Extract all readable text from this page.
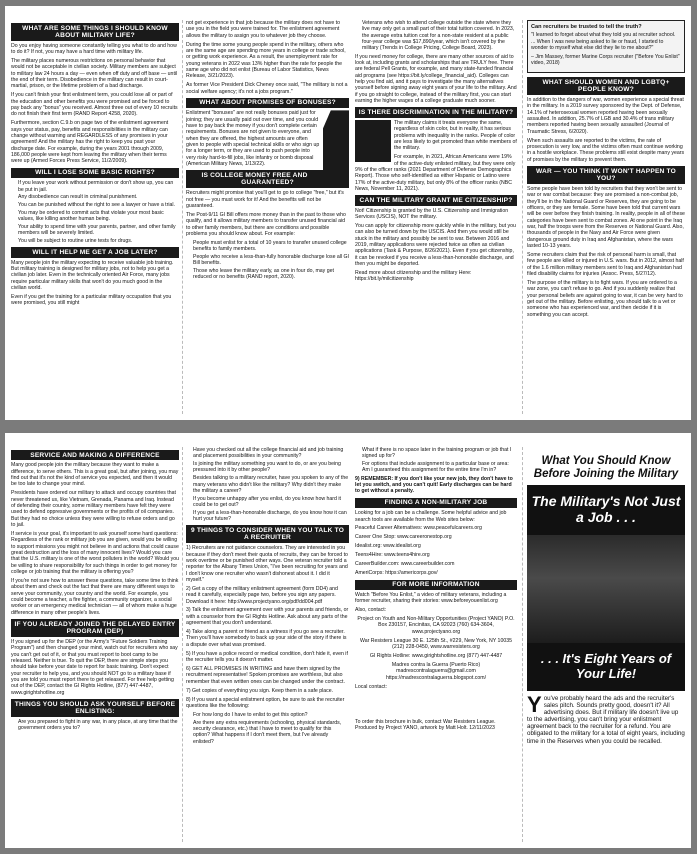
WHAT ARE SOME THINGS I SHOULD KNOW ABOUT MILITARY LIFE?

Do you enjoy having someone constantly telling you what to do and how to do it? If not, you may have a hard time with military life.

The military places numerous restrictions on personal behavior that would not be acceptable in civilian society. Military members are subject to military law 24 hours a day — even when off duty and off base — until the end of their term. Disobedience in the military can result in court-martial, prison, or the lifetime problem of a bad discharge.

If you can't finish your first enlistment term, you could lose all or part of the education and other benefits you were promised and be forced to pay back any "bonus" you received. Almost three out of every 10 recruits do not finish their first term (RAND Report 4258, 2020).

Furthermore, section C.9.b on page two of the enlistment agreement says your status, pay, benefits and responsibilities in the military can change without warning and REGARDLESS of any promises in your agreement! And the military has the right to keep you past your discharge date. For example, during the years 2001 through 2009, 186,000 people were kept from leaving the military when their terms were up (Armed Forces Press Service, 11/2/2009).

WILL I LOSE SOME BASIC RIGHTS?
• If you leave your work without permission or don't show up, you can be put in jail.
• Any disobedience can result in criminal punishment.
• You can be punished without the right to see a lawyer or have a trial.
• You may be ordered to commit acts that violate your most basic values, like killing another human being.
• Your ability to spend time with your parents, partner, and other family members will be severely limited.
• You will be subject to routine urine tests for drugs.
WILL IT HELP ME GET A JOB LATER?

Many people join the military expecting to receive valuable job training. But military training is designed for military jobs, not to help you get a civilian job later. Even in the technically oriented Air Force, many jobs require particular military skills that won't do you much good in the civilian world.

Even if you get the training for a particular military occupation that you were promised, you still might

not get experience in that job because the military does not have to use you in the field you were trained for. The enlistment agreement allows the military to assign you to whatever job they choose.

During the time some young people spend in the military, others who are the same age are spending more years in college or trade school, or getting work experience. As a result, the unemployment rate for young veterans in 2022 was 13% higher than the rate for people the same age who did not enlist (Bureau of Labor Statistics, News Release, 3/21/2023).

As former Vice President Dick Cheney once said, "The military is not a social welfare agency; it's not a jobs program."

WHAT ABOUT PROMISES OF BONUSES?

Enlistment "bonuses" are not really bonuses paid just for joining; they are usually paid out over time, and you could have to pay back the money if you don't complete certain requirements. Bonuses are not given to everyone, and when they are offered, the highest amounts are often given to people with special technical skills or who sign up for a longer term, or they are used to push people into very risky hard-to-fill jobs, like infantry or bomb disposal (American Military News, 1/13/22).

IS COLLEGE MONEY FREE AND GUARANTEED?

Recruiters might promise that you'll get to go to college "free," but it's not free — you must work for it! And the benefits will not be guaranteed.

The Post-9/11 GI Bill offers more money than in the past to those who qualify, and it allows military members to transfer unused financial aid to other family members, but there are conditions and possible problems you should know about. For example:

• People must enlist for a total of 10 years to transfer unused college benefits to family members.
• People who receive a less-than-fully honorable discharge lose all GI Bill benefits.
• Those who leave the military early, as one in four do, may get reduced or no benefits (RAND report, 2020).
• Veterans who wish to attend college outside the state where they live may only get a small part of their total tuition covered. In 2023, the average extra tuition cost for a non-state resident at a public four-year college was $17,890/year, which isn't covered by the military (Trends in College Pricing, College Board, 2023).

If you need money for college, there are many other sources of aid to look at, including grants and scholarships that are TRULY free. There are federal Pell Grants, for example, and many state-funded financial aid programs (see https://bit.ly/college_financial_aid). Colleges can help you find aid, and it pays to investigate the many alternatives yourself before signing away eight years of your life to the military. And if you go straight to college, instead of the military first, you can start earning the higher wages of a college graduate much sooner.

IS THERE DISCRIMINATION IN THE MILITARY?

The military claims it treats everyone the same, regardless of skin color, but in reality, it has serious problems with inequality in the ranks. People of color are less likely to get promoted than white members of the military.

For example, in 2021, African Americans were 19% of the active-duty enlisted military, but they were only 9% of the officer ranks (2021 Department of Defense Demographics Report). Those who self-identified as either Hispanic or Latino were 17% of the active-duty military, but only 8% of the officer ranks (NBC News, November 11, 2021).

CAN THE MILITARY GRANT ME CITIZENSHIP?

Not! Citizenship is granted by the U.S. Citizenship and Immigration Services (USCIS), NOT the military.

You can apply for citizenship more quickly while in the military, but you can also be turned down by the USCIS. And then you would still be stuck in the military and possibly be sent to war. Between 2016 and 2019, military applications were rejected twice as often as civilian applications (Task & Purpose, 8/26/2021). Even if you get citizenship, it can be revoked if you receive a less-than-honorable discharge, and then you might be deported.

Read more about citizenship and the military Here: https://bit.ly/milcitizenship

Can recruiters be trusted to tell the truth?

"I learned to forget about what they told you at recruiter school. ... When I was new being asked to lie or fraud, I started to wonder to myself what else did they lie to me about?"

– Jim Massey, former Marine Corps recruiter ("Before You Enlist" video, 2018)

WHAT SHOULD WOMEN AND LGBTQ+ PEOPLE KNOW?

In addition to the dangers of war, women experience a special threat in the military. In a 2019 survey sponsored by the Dept. of Defense, 14.1% of heterosexual women reported having been sexually assaulted. In addition, 25.7% of LGB and 30.4% of trans military members reported having been sexually assaulted (Journal of Traumatic Stress, 6/2020).

When such assaults are reported to the victims, the rate of prosecution is very low, and the victims often must continue working in a hostile workplace. These problems still exist despite many years of promises by the military to prevent them.

WAR — YOU THINK IT WON'T HAPPEN TO YOU?

Some people have been told by recruiters that they won't be sent to war or war combat because: they are promised a non-combat job, they'll be in the National Guard or Reserves, they are going to be officers, or they are female. Some have been told that current wars will be over before they finish training. In reality, people in all of these categories have been sent to combat zones. At one point in the Iraq war, half the troops were from the Reserves or National Guard. Also, thousands of people in the Navy and Air Force were given dangerous ground duty in Iraq and Afghanistan, where the wars lasted 10-13 years.

Some recruiters claim that the risk of personal harm is small, that few people are killed or injured in U.S. wars. But in 2012, almost half of the 1.6 million military members sent to Iraq and Afghanistan had filed disability claims for injuries (Assoc. Press, 5/27/12).

The purpose of the military is to fight wars. If you are ordered to a war zone, you can't refuse to go. And if you suddenly realize that your personal beliefs are against going to war, it can be very hard to get out of the military. Before enlisting, you should talk to a vet or someone who has experienced war, and then decide if it is something you can accept.

SERVICE AND MAKING A DIFFERENCE

Many good people join the military because they want to make a difference, to serve others. This is a great goal, but after joining, you may find out that it's not the kind of service you expected, and then it would be too late to change your mind.

Presidents have ordered our military to attack and occupy countries that never threatened us, like Vietnam, Grenada, Panama and Iraq. Instead of defending their country, some military members have felt they were used to defend oppressive governments or the profits of oil companies. But they had no choice unless they were willing to refuse orders and go to jail.

If service is your goal, it's important to ask yourself some hard questions: Regardless of the rank or military job you are given, would you be willing to support missions you might not believe in and actions that could cause great destruction and the loss of many innocent lives? Would you care that the U.S. military is one of the worst polluters in the world? Would you be willing to share responsibility for such things in order to get money for college or job training that the military is offering you?

If you're not sure how to answer these questions, take some time to think about them and check out the fact that there are many different ways to serve your community, your country and the world. For example, you could become a teacher, a fire fighter, a community organizer, a social worker or an emergency medical technician — all of whom make a huge difference in many other people's lives.

IF YOU ALREADY JOINED THE DELAYED ENTRY PROGRAM (DEP)

If you signed up for the DEP (or the Army's "Future Soldiers Training Program") and then changed your mind, watch out for recruiters who say you can't get out of it, or that you must report to boot camp to be released. Neither is true. To quit the DEP, there are simple steps you should take before your date to report for basic training. Don't expect your recruiter to help you, and you should NOT go to a military base if you are told you must report there to get released. For free help getting out of the DEP, contact the GI Rights Hotline, (877) 447-4487, www.girightshotline.org

THINGS YOU SHOULD ASK YOURSELF BEFORE ENLISTING:
• Are you prepared to fight in any war, in any place, at any time that the government orders you to?
• Have you checked out all the college financial aid and job training and placement possibilities in your community?
• Is joining the military something you want to do, or are you being pressured into it by other people?
• Besides talking to a military recruiter, have you spoken to any of the many veterans who didn't like the military? Why didn't they make the military a career?
• If you become unhappy after you enlist, do you know how hard it could be to get out?
• If you get a less-than-honorable discharge, do you know how it can hurt your future?
9 THINGS TO CONSIDER WHEN YOU TALK TO A RECRUITER

1) Recruiters are not guidance counselors. They are interested in you because if they don't meet their quota of recruits, they can be forced to work overtime or be punished other ways. One veteran recruiter told a reporter for the Albany Times Union, "I've been recruiting for years and I don't know one recruiter who wasn't dishonest about it. I did it myself."

2) Get a copy of the military enlistment agreement (form DD4) and read it carefully, especially page two, before you sign any papers. Download it here: http://www.projectyano.org/pdf/dd004.pdf

3) Talk the enlistment agreement over with your parents and friends, or with a counselor from the GI Rights Hotline. Ask about any parts of the agreement that you don't understand.

4) Take along a parent or friend as a witness if you go see a recruiter. Then you'll have somebody to back up your side of the story if there is a dispute over what was promised.

5) If you have a police record or medical condition, don't hide it, even if the recruiter tells you it doesn't matter.

6) GET ALL PROMISES IN WRITING and have them signed by the recruitment representative! Spoken promises are worthless, but also remember that even written ones can be changed under the contract.

7) Get copies of everything you sign. Keep them in a safe place.

8) If you want a special enlistment option, be sure to ask the recruiter questions like the following:

• For how long do I have to enlist to get this option?
• Are there any extra requirements (schooling, physical standards, security clearance, etc.) that I have to meet to qualify for this option? What happens if I don't meet them, but I've already enlisted?
• What if there is no space later in the training program or job that I signed up for?
• For options that include assignment to a particular base or area: Am I guaranteed this assignment for the entire time I'm in?

9) REMEMBER: If you don't like your new job, they don't have to let you switch, and you can't quit! Early discharges can be hard to get without a penalty.

FINDING A NON-MILITARY JOB

Looking for a job can be a challenge. Some helpful advice and job search tools are available from the Web sites below:

Peaceful Career Alternatives: www.peacefulcareers.org

Career One Stop: www.careeronestop.org

Idealist.org: www.idealist.org

Teens4Hire: www.teens4hire.org

CareerBuilder.com: www.careerbuilder.com

AmeriCorps: https://americorps.gov/

FOR MORE INFORMATION

Watch "Before You Enlist," a video of military veterans, including a former recruiter, sharing their stories: www.beforeyouenlist.org

Also, contact:

Project on Youth and Non-Military Opportunities (Project YANO) P.O. Box 230157, Encinitas, CA 92023 (760) 634-3604, www.projectyano.org

War Resisters League 30 E. 125th St., #229, New York, NY 10035 (212) 228-0450, www.warresisters.org

GI Rights Hotline: www.girightshotline.org (877) 447-4487

Madres contra la Guerra (Puerto Rico) madrescontralaguerra@gmail.com https://madrescontralaguerra.blogspot.com/

Local contact:

To order this brochure in bulk, contact War Resisters League. Produced by Project YANO, artwork by Matt Holt. 12/11/2023

What You Should Know
Before Joining the Military
The Military's Not Just a Job . . .
. . . It's Eight Years of Your Life!
You've probably heard the ads and the recruiter's sales pitch. Sounds pretty good, doesn't it? All advertising does. But if military life doesn't live up to the advertising, you can't bring your enlistment agreement back to the recruiter for a refund. You are obligated to the military for a total of eight years, including time in the Reserves when you could be recalled.
